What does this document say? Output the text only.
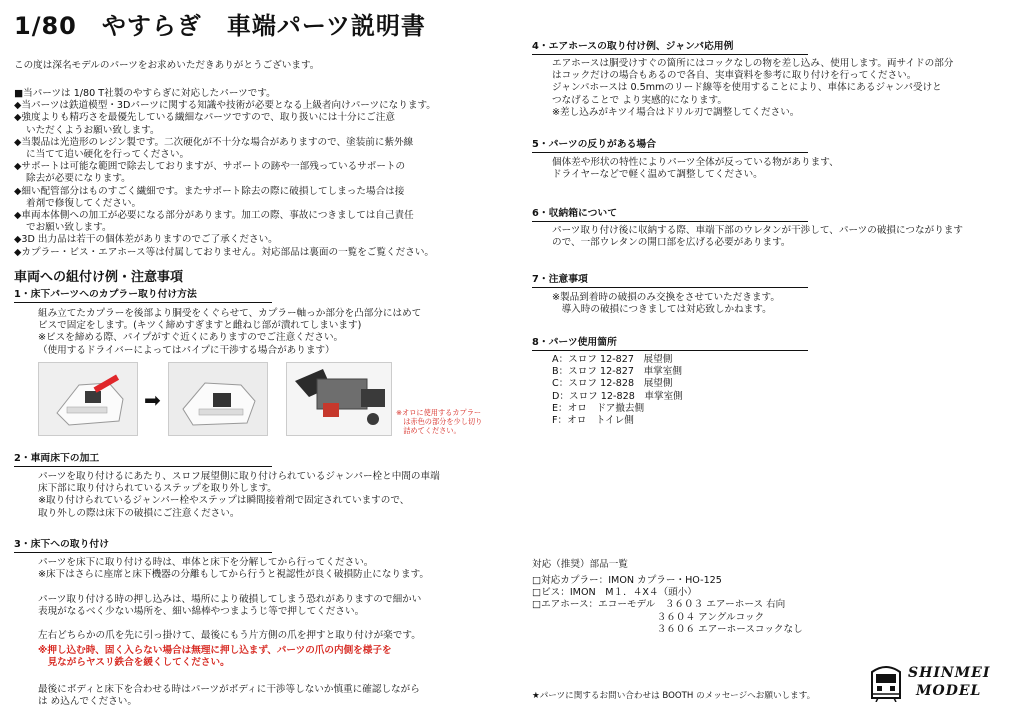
1/80　やすらぎ　車端パーツ説明書
この度は深名モデルのパーツをお求めいただきありがとうございます。
■当パーツは 1/80 T社製のやすらぎに対応したパーツです。
◆当パーツは鉄道模型・3Dパーツに関する知識や技術が必要となる上級者向けパーツになります。
◆強度よりも精巧さを最優先している繊細なパーツですので、取り扱いには十分にご注意
いただくようお願い致します。
◆当製品は光造形のレジン製です。二次硬化が不十分な場合がありますので、塗装前に紫外線
に当てて追い硬化を行ってください。
◆サポートは可能な範囲で除去しておりますが、サポートの跡や一部残っているサポートの
除去が必要になります。
◆細い配管部分はものすごく繊細です。またサポート除去の際に破損してしまった場合は接
着剤で修復してください。
◆車両本体側への加工が必要になる部分があります。加工の際、事故につきましては自己責任
でお願い致します。
◆3D 出力品は若干の個体差がありますのでご了承ください。
◆カプラー・ビス・エアホース等は付属しておりません。対応部品は裏面の一覧をご覧ください。
車両への組付け例・注意事項
1・床下パーツへのカプラー取り付け方法
組み立てたカプラーを後部より胴受をくぐらせて、カプラー軸っか部分を凸部分にはめて
ビスで固定をします。(キツく締めすぎますと雌ねじ部が潰れてしまいます)
※ビスを締める際、パイプがすぐ近くにありますのでご注意ください。
（使用するドライバーによってはパイプに干渉する場合があります）
➡
※オロに使用するカプラー
　は赤色の部分を少し切り
　詰めてください。
2・車両床下の加工
パーツを取り付けるにあたり、スロフ展望側に取り付けられているジャンパー栓と中間の車端
床下部に取り付けられているステップを取り外します。
※取り付けられているジャンパー栓やステップは瞬間接着剤で固定されていますので、
取り外しの際は床下の破損にご注意ください。
3・床下への取り付け
パーツを床下に取り付ける時は、車体と床下を分解してから行ってください。
※床下はさらに座席と床下機器の分離もしてから行うと視認性が良く破損防止になります。

パーツ取り付ける時の押し込みは、場所により破損してしまう恐れがありますので細かい
表現がなるべく少ない場所を、細い綿棒やつまようじ等で押してください。

左右どちらかの爪を先に引っ掛けて、最後にもう片方側の爪を押すと取り付けが楽です。
※押し込む時、固く入らない場合は無理に押し込まず、パーツの爪の内側を様子を
　見ながらヤスリ鉄合を緩くしてください。
最後にボディと床下を合わせる時はパーツがボディに干渉等しないか慎重に確認しながら
は め込んでください。
4・エアホースの取り付け例、ジャンパ応用例
エアホースは胴受けすぐの箇所にはコックなしの物を差し込み、使用します。両サイドの部分
はコックだけの場合もあるので各自、実車資料を参考に取り付けを行ってください。
ジャンパホースは 0.5mmのリード線等を使用することにより、車体にあるジャンパ受けと
つなげることで より実感的になります。
※差し込みがキツイ場合はドリル刃で調整してください。
5・パーツの反りがある場合
個体差や形状の特性によりパーツ全体が反っている物があります、
ドライヤーなどで軽く温めて調整してください。
6・収納箱について
パーツ取り付け後に収納する際、車端下部のウレタンが干渉して、パーツの破損につながります
ので、一部ウレタンの開口部を広げる必要があります。
7・注意事項
※製品到着時の破損のみ交換をさせていただきます。
　導入時の破損につきましては対応致しかねます。
8・パーツ使用箇所
A：スロフ 12-827　展望側
B：スロフ 12-827　車掌室側
C：スロフ 12-828　展望側
D：スロフ 12-828　車掌室側
E：オロ　ドア撤去側
F：オロ　トイレ側
対応（推奨）部品一覧
□対応カプラー：IMON カプラー・HO-125
□ビス：IMON　M１．４X４（頭小）
□エアホース：エコーモデル　３６０３ エアーホース 右向
　　　　　　　　　　　　　３６０４ アングルコック
　　　　　　　　　　　　　３６０６ エアーホースコックなし
★パーツに関するお問い合わせは BOOTH のメッセージへお願いします。
SHINMEI
MODEL
